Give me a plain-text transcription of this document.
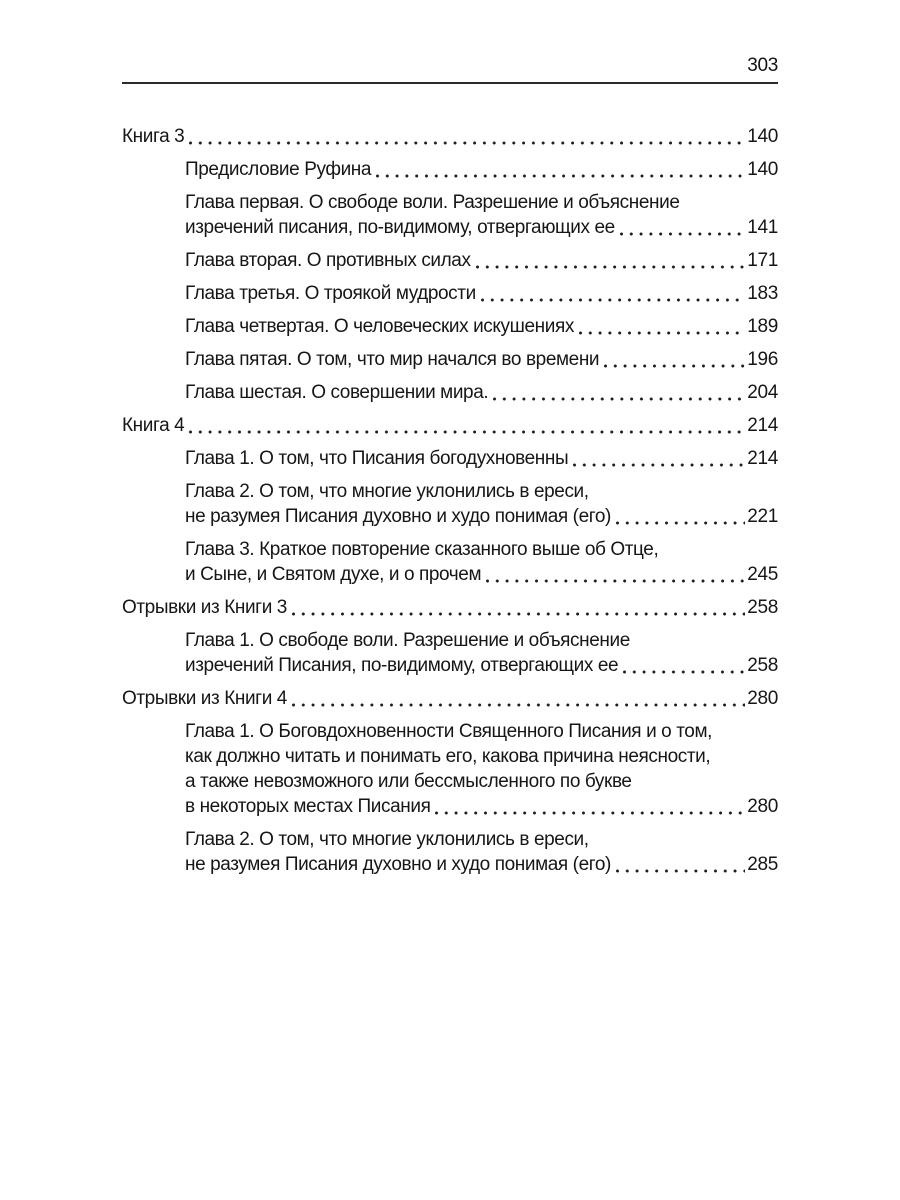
303
Книга 3	140
Предисловие Руфина	140
Глава первая. О свободе воли. Разрешение и объяснение
изречений писания, по-видимому, отвергающих ее	141
Глава вторая. О противных силах	171
Глава третья. О троякой мудрости	183
Глава четвертая. О человеческих искушениях	189
Глава пятая. О том, что мир начался во времени	196
Глава шестая. О совершении мира.	204
Книга 4	214
Глава 1. О том, что Писания богодухновенны	214
Глава 2. О том, что многие уклонились в ереси,
не разумея Писания духовно и худо понимая (его)	221
Глава 3. Краткое повторение сказанного выше об Отце,
и Сыне, и Святом духе, и о прочем	245
Отрывки из Книги 3	258
Глава 1. О свободе воли. Разрешение и объяснение
изречений Писания, по-видимому, отвергающих ее	258
Отрывки из Книги 4	280
Глава 1. О Боговдохновенности Священного Писания и о том,
как должно читать и понимать его, какова причина неясности,
а также невозможного или бессмысленного по букве
в некоторых местах Писания	280
Глава 2. О том, что многие уклонились в ереси,
не разумея Писания духовно и худо понимая (его)	285
